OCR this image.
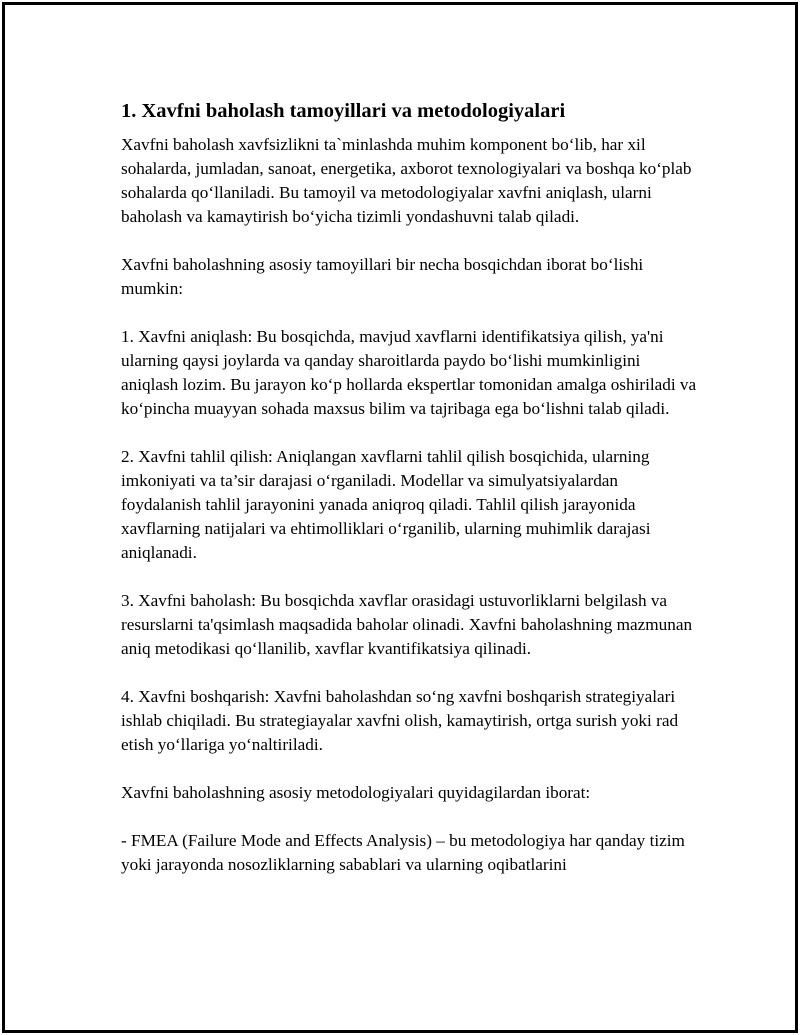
1. Xavfni baholash tamoyillari va metodologiyalari

Xavfni baholash xavfsizlikni ta`minlashda muhim komponent boʻlib, har xil sohalarda, jumladan, sanoat, energetika, axborot texnologiyalari va boshqa koʻplab sohalarda qoʻllaniladi. Bu tamoyil va metodologiyalar xavfni aniqlash, ularni baholash va kamaytirish boʻyicha tizimli yondashuvni talab qiladi.

Xavfni baholashning asosiy tamoyillari bir necha bosqichdan iborat boʻlishi mumkin:

1. Xavfni aniqlash: Bu bosqichda, mavjud xavflarni identifikatsiya qilish, ya'ni ularning qaysi joylarda va qanday sharoitlarda paydo boʻlishi mumkinligini aniqlash lozim. Bu jarayon koʻp hollarda ekspertlar tomonidan amalga oshiriladi va koʻpincha muayyan sohada maxsus bilim va tajribaga ega boʻlishni talab qiladi.

2. Xavfni tahlil qilish: Aniqlangan xavflarni tahlil qilish bosqichida, ularning imkoniyati va ta’sir darajasi oʻrganiladi. Modellar va simulyatsiyalardan foydalanish tahlil jarayonini yanada aniqroq qiladi. Tahlil qilish jarayonida xavflarning natijalari va ehtimolliklari oʻrganilib, ularning muhimlik darajasi aniqlanadi.

3. Xavfni baholash: Bu bosqichda xavflar orasidagi ustuvorliklarni belgilash va resurslarni ta'qsimlash maqsadida baholar olinadi. Xavfni baholashning mazmunan aniq metodikasi qoʻllanilib, xavflar kvantifikatsiya qilinadi.

4. Xavfni boshqarish: Xavfni baholashdan soʻng xavfni boshqarish strategiyalari ishlab chiqiladi. Bu strategiayalar xavfni olish, kamaytirish, ortga surish yoki rad etish yoʻllariga yoʻnaltiriladi.

Xavfni baholashning asosiy metodologiyalari quyidagilardan iborat:

- FMEA (Failure Mode and Effects Analysis) – bu metodologiya har qanday tizim yoki jarayonda nosozliklarning sabablari va ularning oqibatlarini
